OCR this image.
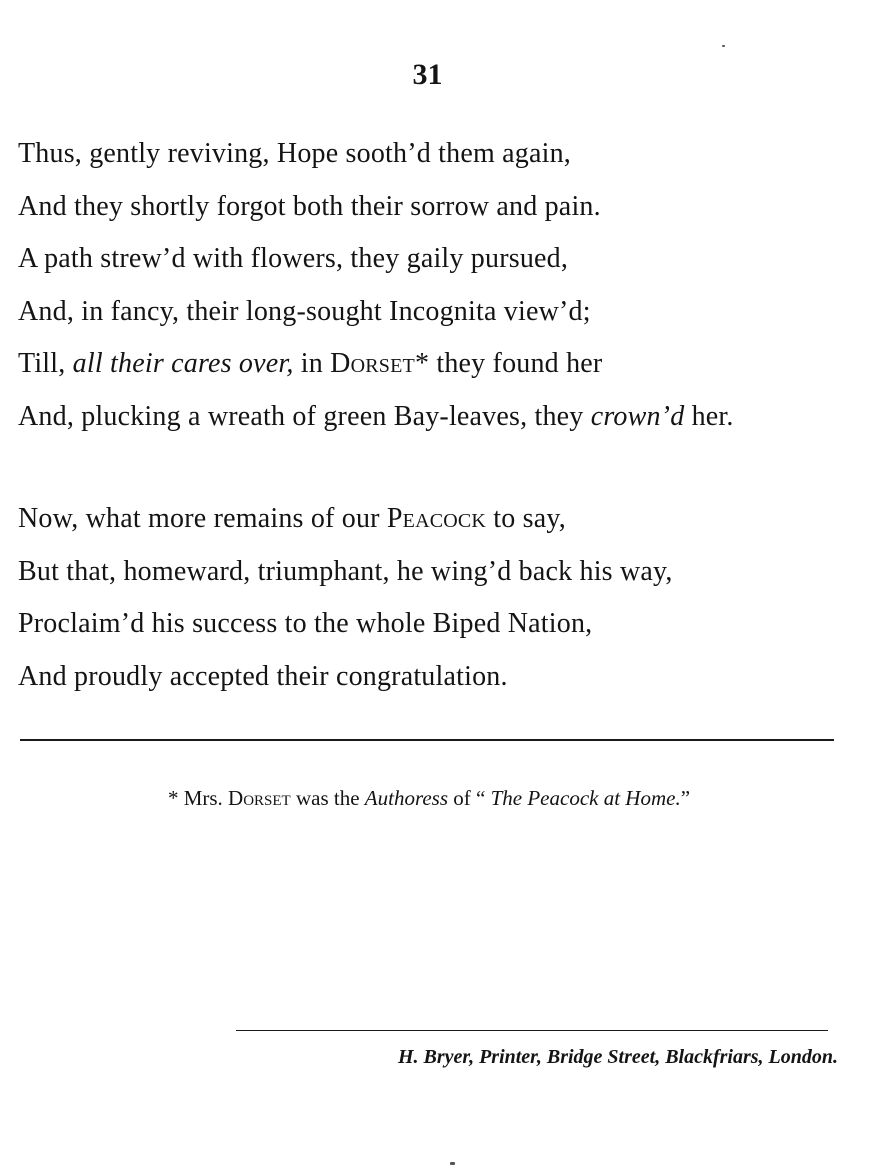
31
Thus, gently reviving, Hope sooth’d them again,
And they shortly forgot both their sorrow and pain.
A path strew’d with flowers, they gaily pursued,
And, in fancy, their long-sought Incognita view’d;
Till, all their cares over, in Dorset* they found her
And, plucking a wreath of green Bay-leaves, they crown’d her.
Now, what more remains of our Peacock to say,
But that, homeward, triumphant, he wing’d back his way,
Proclaim’d his success to the whole Biped Nation,
And proudly accepted their congratulation.
* Mrs. Dorset was the Authoress of “ The Peacock at Home.”
H. Bryer, Printer, Bridge Street, Blackfriars, London.
